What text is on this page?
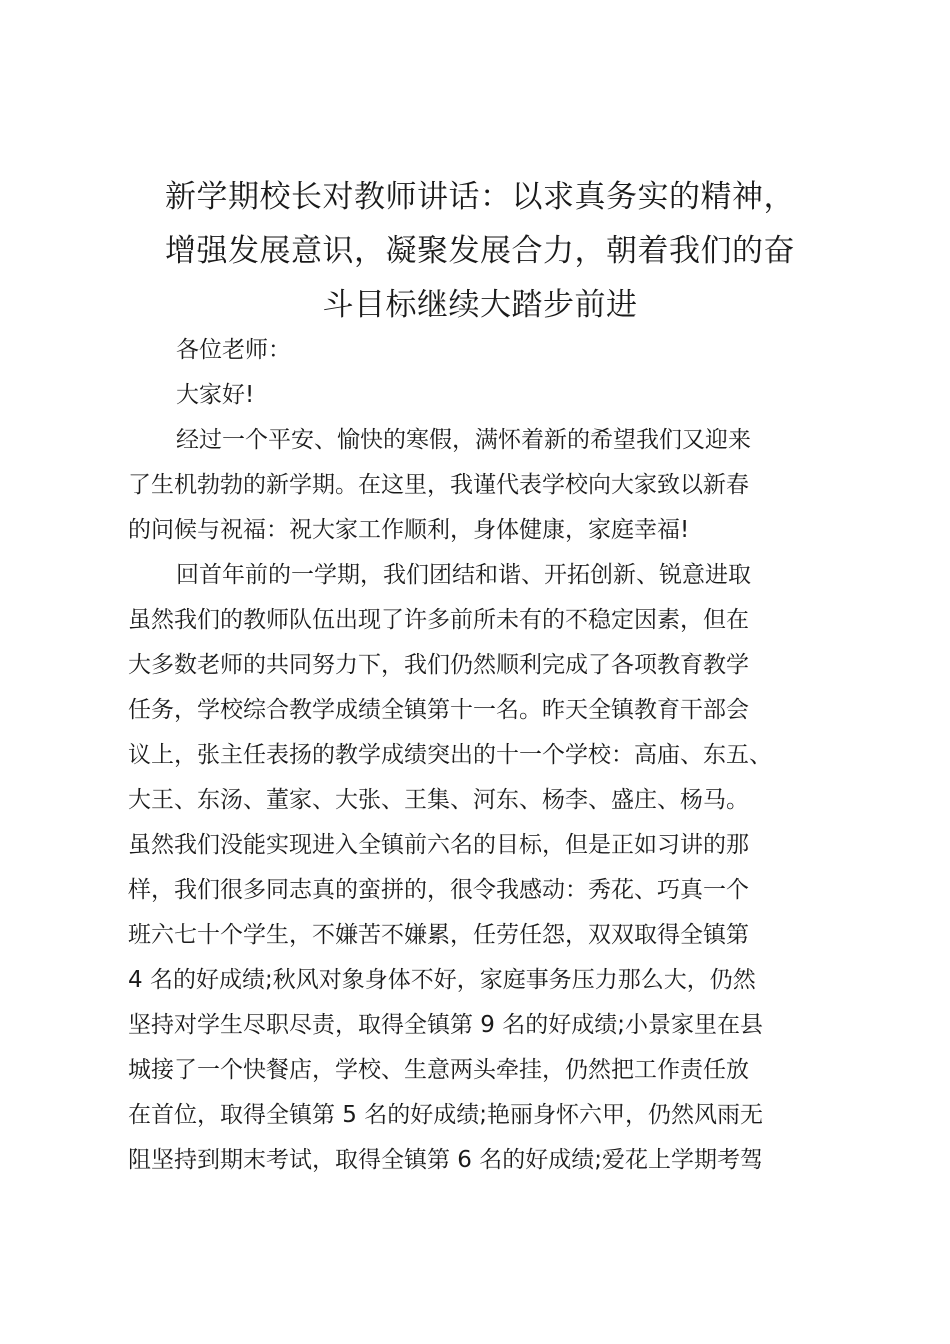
新学期校长对教师讲话：以求真务实的精神，
增强发展意识，凝聚发展合力，朝着我们的奋
斗目标继续大踏步前进
各位老师：
大家好!
经过一个平安、愉快的寒假，满怀着新的希望我们又迎来
了生机勃勃的新学期。在这里，我谨代表学校向大家致以新春
的问候与祝福：祝大家工作顺利，身体健康，家庭幸福!
回首年前的一学期，我们团结和谐、开拓创新、锐意进取
虽然我们的教师队伍出现了许多前所未有的不稳定因素，但在
大多数老师的共同努力下，我们仍然顺利完成了各项教育教学
任务，学校综合教学成绩全镇第十一名。昨天全镇教育干部会
议上，张主任表扬的教学成绩突出的十一个学校：高庙、东五、
大王、东汤、董家、大张、王集、河东、杨李、盛庄、杨马。
虽然我们没能实现进入全镇前六名的目标，但是正如习讲的那
样，我们很多同志真的蛮拼的，很令我感动：秀花、巧真一个
班六七十个学生，不嫌苦不嫌累，任劳任怨，双双取得全镇第
4 名的好成绩;秋风对象身体不好，家庭事务压力那么大，仍然
坚持对学生尽职尽责，取得全镇第 9 名的好成绩;小景家里在县
城接了一个快餐店，学校、生意两头牵挂，仍然把工作责任放
在首位，取得全镇第 5 名的好成绩;艳丽身怀六甲，仍然风雨无
阻坚持到期末考试，取得全镇第 6 名的好成绩;爱花上学期考驾
